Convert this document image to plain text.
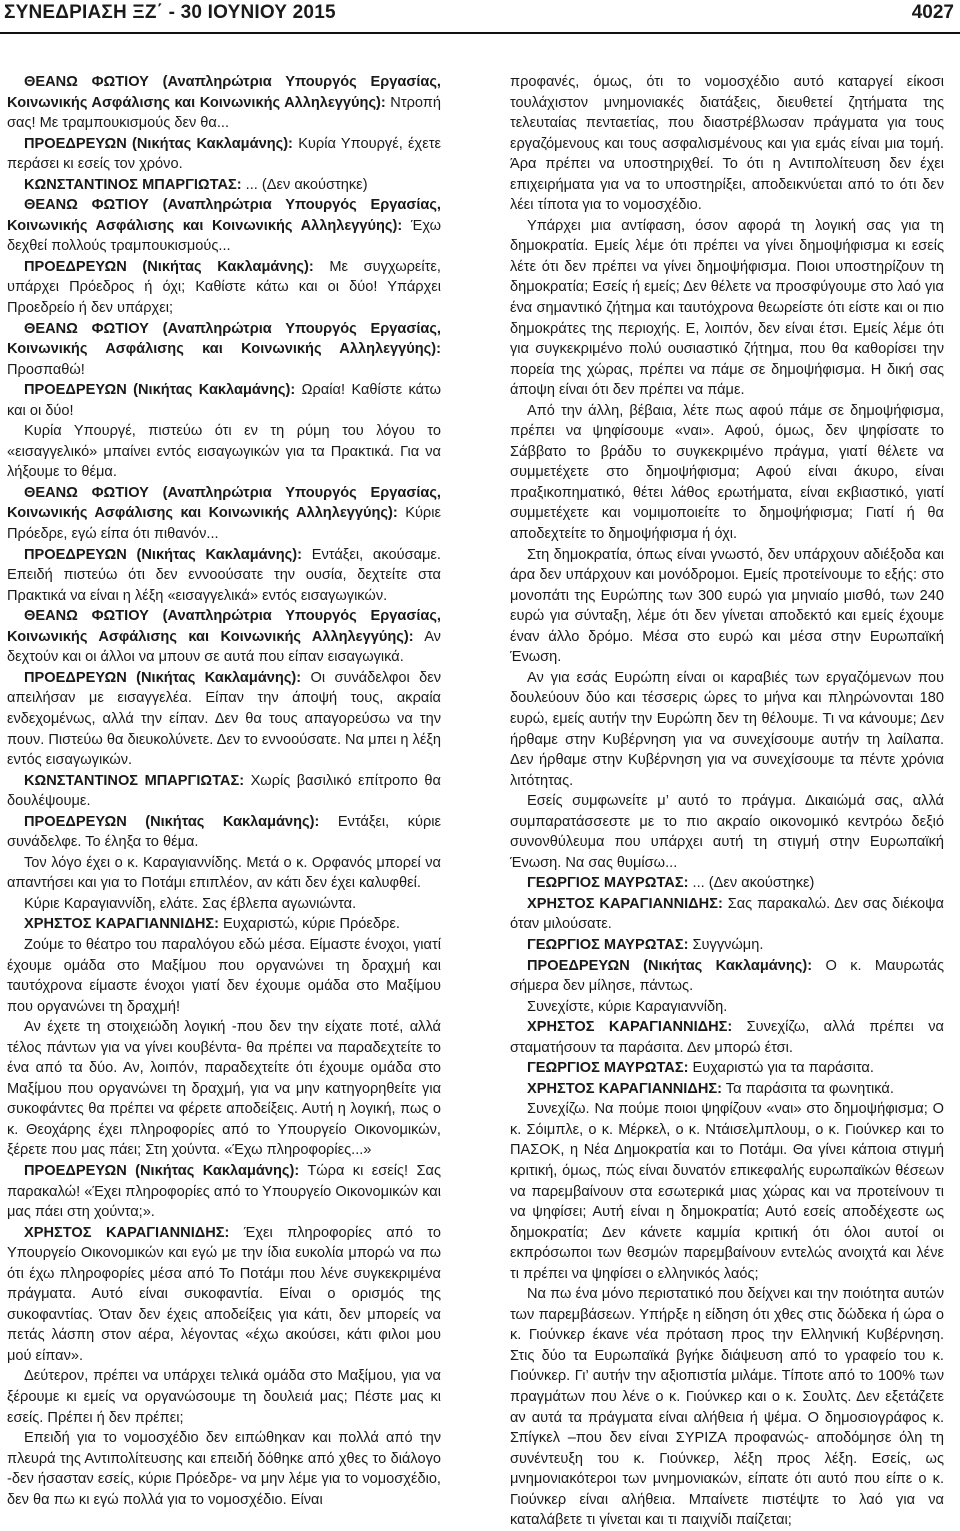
ΣΥΝΕΔΡΙΑΣΗ ΞΖ΄ - 30 ΙΟΥΝΙΟΥ 2015	4027

ΘΕΑΝΩ ΦΩΤΙΟΥ (Αναπληρώτρια Υπουργός Εργασίας, Κοινωνικής Ασφάλισης και Κοινωνικής Αλληλεγγύης): Ντροπή σας! Με τραμπουκισμούς δεν θα...

ΠΡΟΕΔΡΕΥΩΝ (Νικήτας Κακλαμάνης): Κυρία Υπουργέ, έχετε περάσει κι εσείς τον χρόνο.

ΚΩΝΣΤΑΝΤΙΝΟΣ ΜΠΑΡΓΙΩΤΑΣ: ... (Δεν ακούστηκε)

ΘΕΑΝΩ ΦΩΤΙΟΥ (Αναπληρώτρια Υπουργός Εργασίας, Κοινωνικής Ασφάλισης και Κοινωνικής Αλληλεγγύης): Έχω δεχθεί πολλούς τραμπουκισμούς...

ΠΡΟΕΔΡΕΥΩΝ (Νικήτας Κακλαμάνης): Με συγχωρείτε, υπάρχει Πρόεδρος ή όχι; Καθίστε κάτω και οι δύο! Υπάρχει Προεδρείο ή δεν υπάρχει;

ΘΕΑΝΩ ΦΩΤΙΟΥ (Αναπληρώτρια Υπουργός Εργασίας, Κοινωνικής Ασφάλισης και Κοινωνικής Αλληλεγγύης): Προσπαθώ!

ΠΡΟΕΔΡΕΥΩΝ (Νικήτας Κακλαμάνης): Ωραία! Καθίστε κάτω και οι δύο!

Κυρία Υπουργέ, πιστεύω ότι εν τη ρύμη του λόγου το «εισαγγελικό» μπαίνει εντός εισαγωγικών για τα Πρακτικά. Για να λήξουμε το θέμα.

ΘΕΑΝΩ ΦΩΤΙΟΥ (Αναπληρώτρια Υπουργός Εργασίας, Κοινωνικής Ασφάλισης και Κοινωνικής Αλληλεγγύης): Κύριε Πρόεδρε, εγώ είπα ότι πιθανόν...

ΠΡΟΕΔΡΕΥΩΝ (Νικήτας Κακλαμάνης): Εντάξει, ακούσαμε. Επειδή πιστεύω ότι δεν εννοούσατε την ουσία, δεχτείτε στα Πρακτικά να είναι η λέξη «εισαγγελικά» εντός εισαγωγικών.

ΘΕΑΝΩ ΦΩΤΙΟΥ (Αναπληρώτρια Υπουργός Εργασίας, Κοινωνικής Ασφάλισης και Κοινωνικής Αλληλεγγύης): Αν δεχτούν και οι άλλοι να μπουν σε αυτά που είπαν εισαγωγικά.

ΠΡΟΕΔΡΕΥΩΝ (Νικήτας Κακλαμάνης): Οι συνάδελφοι δεν απειλήσαν με εισαγγελέα. Είπαν την άποψή τους, ακραία ενδεχομένως, αλλά την είπαν. Δεν θα τους απαγορεύσω να την πουν. Πιστεύω θα διευκολύνετε. Δεν το εννοούσατε. Να μπει η λέξη εντός εισαγωγικών.

ΚΩΝΣΤΑΝΤΙΝΟΣ ΜΠΑΡΓΙΩΤΑΣ: Χωρίς βασιλικό επίτροπο θα δουλέψουμε.

ΠΡΟΕΔΡΕΥΩΝ (Νικήτας Κακλαμάνης): Εντάξει, κύριε συνάδελφε. Το έληξα το θέμα.

Τον λόγο έχει ο κ. Καραγιαννίδης. Μετά ο κ. Ορφανός μπορεί να απαντήσει και για το Ποτάμι επιπλέον, αν κάτι δεν έχει καλυφθεί.

Κύριε Καραγιαννίδη, ελάτε. Σας έβλεπα αγωνιώντα.

ΧΡΗΣΤΟΣ ΚΑΡΑΓΙΑΝΝΙΔΗΣ: Ευχαριστώ, κύριε Πρόεδρε.

Ζούμε το θέατρο του παραλόγου εδώ μέσα. Είμαστε ένοχοι, γιατί έχουμε ομάδα στο Μαξίμου που οργανώνει τη δραχμή και ταυτόχρονα είμαστε ένοχοι γιατί δεν έχουμε ομάδα στο Μαξίμου που οργανώνει τη δραχμή!

Αν έχετε τη στοιχειώδη λογική -που δεν την είχατε ποτέ, αλλά τέλος πάντων για να γίνει κουβέντα- θα πρέπει να παραδεχτείτε το ένα από τα δύο. Αν, λοιπόν, παραδεχτείτε ότι έχουμε ομάδα στο Μαξίμου που οργανώνει τη δραχμή, για να μην κατηγορηθείτε για συκοφάντες θα πρέπει να φέρετε αποδείξεις. Αυτή η λογική, πως ο κ. Θεοχάρης έχει πληροφορίες από το Υπουργείο Οικονομικών, ξέρετε που μας πάει; Στη χούντα. «Έχω πληροφορίες...»

ΠΡΟΕΔΡΕΥΩΝ (Νικήτας Κακλαμάνης): Τώρα κι εσείς! Σας παρακαλώ! «Έχει πληροφορίες από το Υπουργείο Οικονομικών και μας πάει στη χούντα;».

ΧΡΗΣΤΟΣ ΚΑΡΑΓΙΑΝΝΙΔΗΣ: Έχει πληροφορίες από το Υπουργείο Οικονομικών και εγώ με την ίδια ευκολία μπορώ να πω ότι έχω πληροφορίες μέσα από Το Ποτάμι που λένε συγκεκριμένα πράγματα. Αυτό είναι συκοφαντία. Είναι ο ορισμός της συκοφαντίας. Όταν δεν έχεις αποδείξεις για κάτι, δεν μπορείς να πετάς λάσπη στον αέρα, λέγοντας «έχω ακούσει, κάτι φιλοι μου μού είπαν».

Δεύτερον, πρέπει να υπάρχει τελικά ομάδα στο Μαξίμου, για να ξέρουμε κι εμείς να οργανώσουμε τη δουλειά μας; Πέστε μας κι εσείς. Πρέπει ή δεν πρέπει;

Επειδή για το νομοσχέδιο δεν ειπώθηκαν και πολλά από την πλευρά της Αντιπολίτευσης και επειδή δόθηκε από χθες το διάλογο -δεν ήσασταν εσείς, κύριε Πρόεδρε- να μην λέμε για το νομοσχέδιο, δεν θα πω κι εγώ πολλά για το νομοσχέδιο. Είναι

προφανές, όμως, ότι το νομοσχέδιο αυτό καταργεί είκοσι τουλάχιστον μνημονιακές διατάξεις, διευθετεί ζητήματα της τελευταίας πενταετίας, που διαστρέβλωσαν πράγματα για τους εργαζόμενους και τους ασφαλισμένους και για εμάς είναι μια τομή. Άρα πρέπει να υποστηριχθεί. Το ότι η Αντιπολίτευση δεν έχει επιχειρήματα για να το υποστηρίξει, αποδεικνύεται από το ότι δεν λέει τίποτα για το νομοσχέδιο.

Υπάρχει μια αντίφαση, όσον αφορά τη λογική σας για τη δημοκρατία. Εμείς λέμε ότι πρέπει να γίνει δημοψήφισμα κι εσείς λέτε ότι δεν πρέπει να γίνει δημοψήφισμα. Ποιοι υποστηρίζουν τη δημοκρατία; Εσείς ή εμείς; Δεν θέλετε να προσφύγουμε στο λαό για ένα σημαντικό ζήτημα και ταυτόχρονα θεωρείστε ότι είστε και οι πιο δημοκράτες της περιοχής. Ε, λοιπόν, δεν είναι έτσι. Εμείς λέμε ότι για συγκεκριμένο πολύ ουσιαστικό ζήτημα, που θα καθορίσει την πορεία της χώρας, πρέπει να πάμε σε δημοψήφισμα. Η δική σας άποψη είναι ότι δεν πρέπει να πάμε.

Από την άλλη, βέβαια, λέτε πως αφού πάμε σε δημοψήφισμα, πρέπει να ψηφίσουμε «ναι». Αφού, όμως, δεν ψηφίσατε το Σάββατο το βράδυ το συγκεκριμένο πράγμα, γιατί θέλετε να συμμετέχετε στο δημοψήφισμα; Αφού είναι άκυρο, είναι πραξικοπηματικό, θέτει λάθος ερωτήματα, είναι εκβιαστικό, γιατί συμμετέχετε και νομιμοποιείτε το δημοψήφισμα; Γιατί ή θα αποδεχτείτε το δημοψήφισμα ή όχι.

Στη δημοκρατία, όπως είναι γνωστό, δεν υπάρχουν αδιέξοδα και άρα δεν υπάρχουν και μονόδρομοι. Εμείς προτείνουμε το εξής: στο μονοπάτι της Ευρώπης των 300 ευρώ για μηνιαίο μισθό, των 240 ευρώ για σύνταξη, λέμε ότι δεν γίνεται αποδεκτό και εμείς έχουμε έναν άλλο δρόμο. Μέσα στο ευρώ και μέσα στην Ευρωπαϊκή Ένωση.

Αν για εσάς Ευρώπη είναι οι καραβιές των εργαζόμενων που δουλεύουν δύο και τέσσερις ώρες το μήνα και πληρώνονται 180 ευρώ, εμείς αυτήν την Ευρώπη δεν τη θέλουμε. Τι να κάνουμε; Δεν ήρθαμε στην Κυβέρνηση για να συνεχίσουμε αυτήν τη λαίλαπα. Δεν ήρθαμε στην Κυβέρνηση για να συνεχίσουμε τα πέντε χρόνια λιτότητας.

Εσείς συμφωνείτε μ’ αυτό το πράγμα. Δικαιώμά σας, αλλά συμπαρατάσσεστε με το πιο ακραίο οικονομικό κεντρόω δεξιό συνονθύλευμα που υπάρχει αυτή τη στιγμή στην Ευρωπαϊκή Ένωση. Να σας θυμίσω...

ΓΕΩΡΓΙΟΣ ΜΑΥΡΩΤΑΣ: ... (Δεν ακούστηκε)

ΧΡΗΣΤΟΣ ΚΑΡΑΓΙΑΝΝΙΔΗΣ: Σας παρακαλώ. Δεν σας διέκοψα όταν μιλούσατε.

ΓΕΩΡΓΙΟΣ ΜΑΥΡΩΤΑΣ: Συγγνώμη.

ΠΡΟΕΔΡΕΥΩΝ (Νικήτας Κακλαμάνης): Ο κ. Μαυρωτάς σήμερα δεν μίλησε, πάντως.

Συνεχίστε, κύριε Καραγιαννίδη.

ΧΡΗΣΤΟΣ ΚΑΡΑΓΙΑΝΝΙΔΗΣ: Συνεχίζω, αλλά πρέπει να σταματήσουν τα παράσιτα. Δεν μπορώ έτσι.

ΓΕΩΡΓΙΟΣ ΜΑΥΡΩΤΑΣ: Ευχαριστώ για τα παράσιτα.

ΧΡΗΣΤΟΣ ΚΑΡΑΓΙΑΝΝΙΔΗΣ: Τα παράσιτα τα φωνητικά.

Συνεχίζω. Να πούμε ποιοι ψηφίζουν «ναι» στο δημοψήφισμα; Ο κ. Σόιμπλε, ο κ. Μέρκελ, ο κ. Ντάισελμπλουμ, ο κ. Γιούνκερ και το ΠΑΣΟΚ, η Νέα Δημοκρατία και το Ποτάμι. Θα γίνει κάποια στιγμή κριτική, όμως, πώς είναι δυνατόν επικεφαλής ευρωπαϊκών θέσεων να παρεμβαίνουν στα εσωτερικά μιας χώρας και να προτείνουν τι να ψηφίσει; Αυτή είναι η δημοκρατία; Αυτό εσείς αποδέχεστε ως δημοκρατία; Δεν κάνετε καμμία κριτική ότι όλοι αυτοί οι εκπρόσωποι των θεσμών παρεμβαίνουν εντελώς ανοιχτά και λένε τι πρέπει να ψηφίσει ο ελληνικός λαός;

Να πω ένα μόνο περιστατικό που δείχνει και την ποιότητα αυτών των παρεμβάσεων. Υπήρξε η είδηση ότι χθες στις δώδεκα ή ώρα ο κ. Γιούνκερ έκανε νέα πρόταση προς την Ελληνική Κυβέρνηση. Στις δύο τα Ευρωπαϊκά βγήκε διάψευση από το γραφείο του κ. Γιούνκερ. Γι’ αυτήν την αξιοπιστία μιλάμε. Τίποτε από το 100% των πραγμάτων που λένε ο κ. Γιούνκερ και ο κ. Σουλτς. Δεν εξετάζετε αν αυτά τα πράγματα είναι αλήθεια ή ψέμα. Ο δημοσιογράφος κ. Σπίγκελ –που δεν είναι ΣΥΡΙΖΑ προφανώς- αποδόμησε όλη τη συνέντευξη του κ. Γιούνκερ, λέξη προς λέξη. Εσείς, ως μνημονιακότεροι των μνημονιακών, είπατε ότι αυτό που είπε ο κ. Γιούνκερ είναι αλήθεια. Μπαίνετε πιστέψτε το λαό για να καταλάβετε τι γίνεται και τι παιχνίδι παίζεται;
